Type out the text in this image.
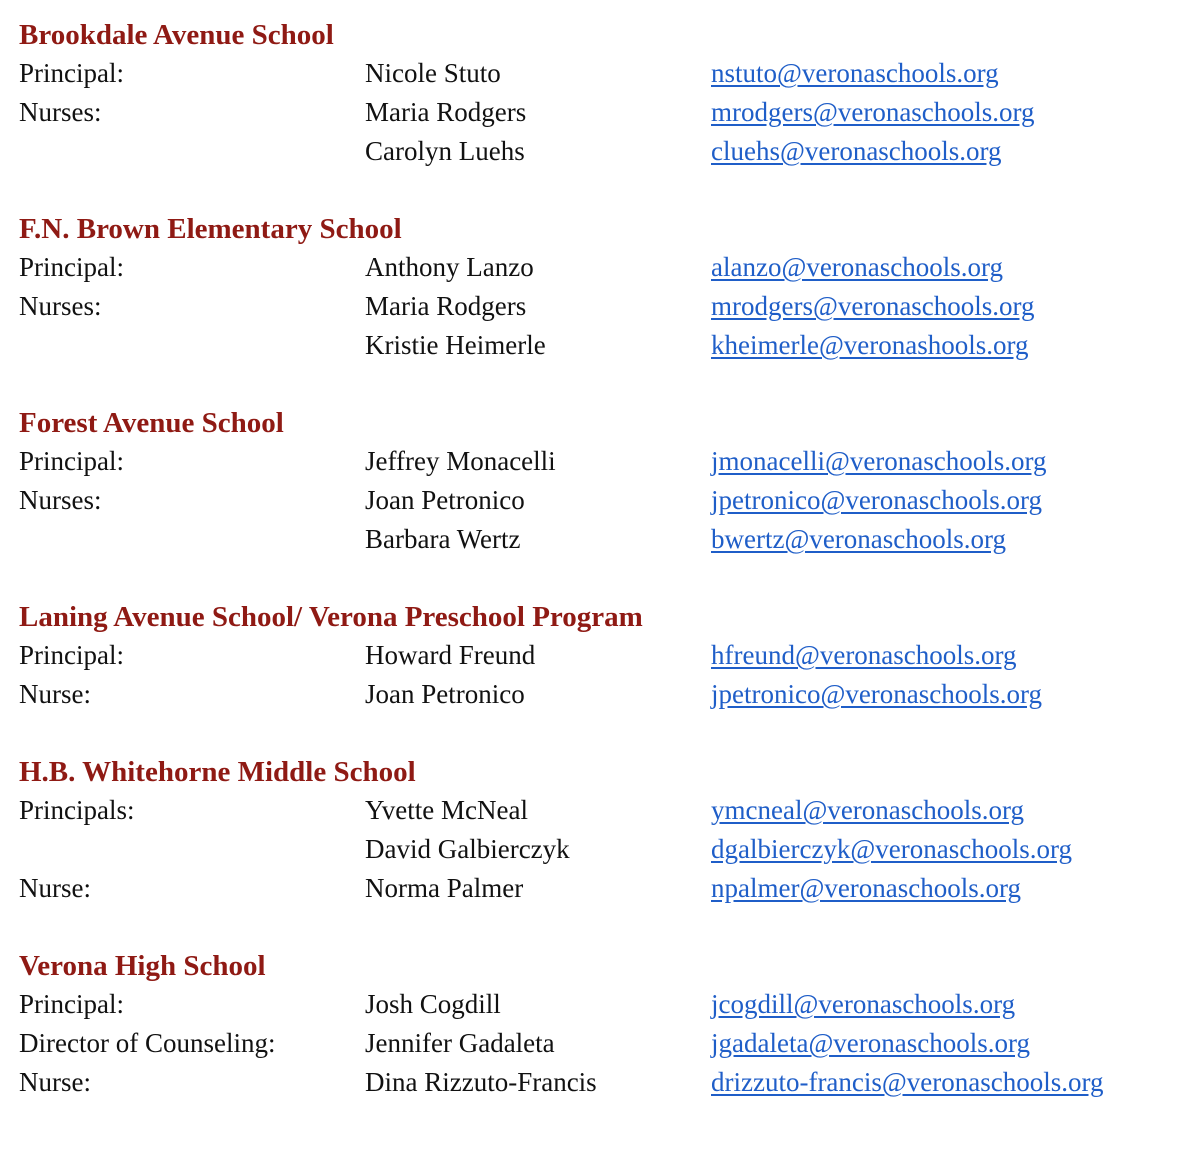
Brookdale Avenue School
Principal:	Nicole Stuto	nstuto@veronaschools.org
Nurses:	Maria Rodgers	mrodgers@veronaschools.org
Carolyn Luehs	cluehs@veronaschools.org
F.N. Brown Elementary School
Principal:	Anthony Lanzo	alanzo@veronaschools.org
Nurses:	Maria Rodgers	mrodgers@veronaschools.org
Kristie Heimerle	kheimerle@veronashools.org
Forest Avenue School
Principal:	Jeffrey Monacelli	jmonacelli@veronaschools.org
Nurses:	Joan Petronico	jpetronico@veronaschools.org
Barbara Wertz	bwertz@veronaschools.org
Laning Avenue School/ Verona Preschool Program
Principal:	Howard Freund	hfreund@veronaschools.org
Nurse:	Joan Petronico	jpetronico@veronaschools.org
H.B. Whitehorne Middle School
Principals:	Yvette McNeal	ymcneal@veronaschools.org
David Galbierczyk	dgalbierczyk@veronaschools.org
Nurse:	Norma Palmer	npalmer@veronaschools.org
Verona High School
Principal:	Josh Cogdill	jcogdill@veronaschools.org
Director of Counseling:	Jennifer Gadaleta	jgadaleta@veronaschools.org
Nurse:	Dina Rizzuto-Francis	drizzuto-francis@veronaschools.org
